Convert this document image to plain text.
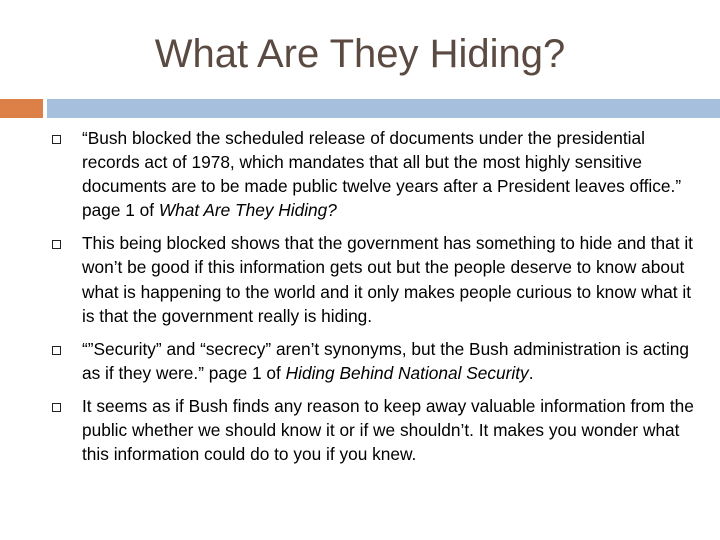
What Are They Hiding?
“Bush blocked the scheduled release of documents under the presidential records act of 1978, which mandates that all but the most highly sensitive documents are to be made public twelve years after a President leaves office.” page 1 of What Are They Hiding?
This being blocked shows that the government has something to hide and that it won’t be good if this information gets out but the people deserve to know about what is happening to the world and it only makes people curious to know what it is that the government really is hiding.
“”Security” and “secrecy” aren’t synonyms, but the Bush administration is acting as if they were.” page 1 of Hiding Behind National Security.
It seems as if Bush finds any reason to keep away valuable information from the public whether we should know it or if we shouldn’t. It makes you wonder what this information could do to you if you knew.
